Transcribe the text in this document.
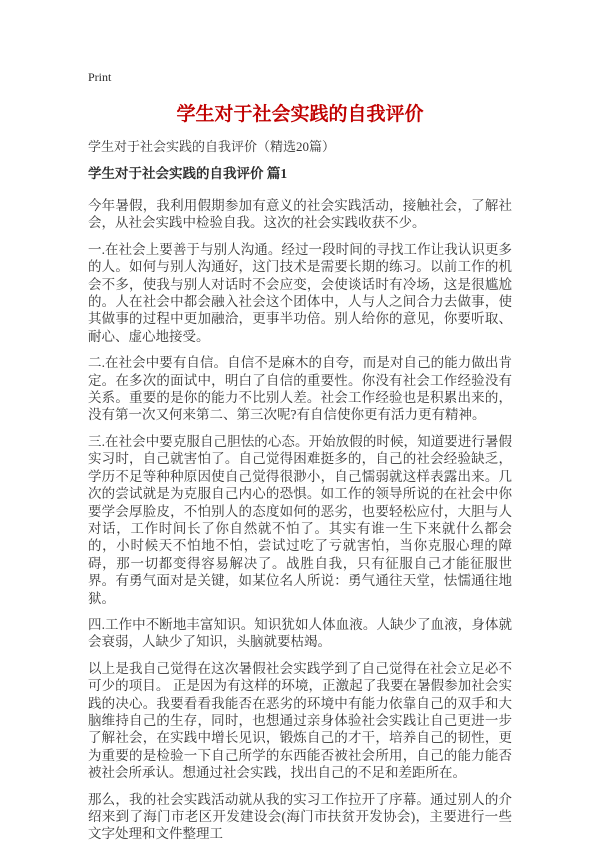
Print
学生对于社会实践的自我评价
学生对于社会实践的自我评价（精选20篇）
学生对于社会实践的自我评价 篇1

今年暑假，我利用假期参加有意义的社会实践活动，接触社会，了解社会，从社会实践中检验自我。这次的社会实践收获不少。

一.在社会上要善于与别人沟通。经过一段时间的寻找工作让我认识更多的人。如何与别人沟通好，这门技术是需要长期的练习。以前工作的机会不多，使我与别人对话时不会应变，会使谈话时有冷场，这是很尴尬的。人在社会中都会融入社会这个团体中，人与人之间合力去做事，使其做事的过程中更加融洽，更事半功倍。别人给你的意见，你要听取、耐心、虚心地接受。

二.在社会中要有自信。自信不是麻木的自夸，而是对自己的能力做出肯定。在多次的面试中，明白了自信的重要性。你没有社会工作经验没有关系。重要的是你的能力不比别人差。社会工作经验也是积累出来的，没有第一次又何来第二、第三次呢?有自信使你更有活力更有精神。

三.在社会中要克服自己胆怯的心态。开始放假的时候，知道要进行暑假实习时，自己就害怕了。自己觉得困难挺多的，自己的社会经验缺乏，学历不足等种种原因使自己觉得很渺小，自己懦弱就这样表露出来。几次的尝试就是为克服自己内心的恐惧。如工作的领导所说的在社会中你要学会厚脸皮，不怕别人的态度如何的恶劣，也要轻松应付，大胆与人对话，工作时间长了你自然就不怕了。其实有谁一生下来就什么都会的，小时候天不怕地不怕，尝试过吃了亏就害怕，当你克服心理的障碍，那一切都变得容易解决了。战胜自我，只有征服自己才能征服世界。有勇气面对是关键，如某位名人所说：勇气通往天堂，怯懦通往地狱。

四.工作中不断地丰富知识。知识犹如人体血液。人缺少了血液，身体就会衰弱，人缺少了知识，头脑就要枯竭。

以上是我自己觉得在这次暑假社会实践学到了自己觉得在社会立足必不可少的项目。 正是因为有这样的环境，正激起了我要在暑假参加社会实践的决心。我要看看我能否在恶劣的环境中有能力依靠自己的双手和大脑维持自己的生存，同时，也想通过亲身体验社会实践让自己更进一步了解社会，在实践中增长见识，锻炼自己的才干，培养自己的韧性，更为重要的是检验一下自己所学的东西能否被社会所用，自己的能力能否被社会所承认。想通过社会实践，找出自己的不足和差距所在。

那么，我的社会实践活动就从我的实习工作拉开了序幕。通过别人的介绍来到了海门市老区开发建设会(海门市扶贫开发协会)，主要进行一些文字处理和文件整理工
